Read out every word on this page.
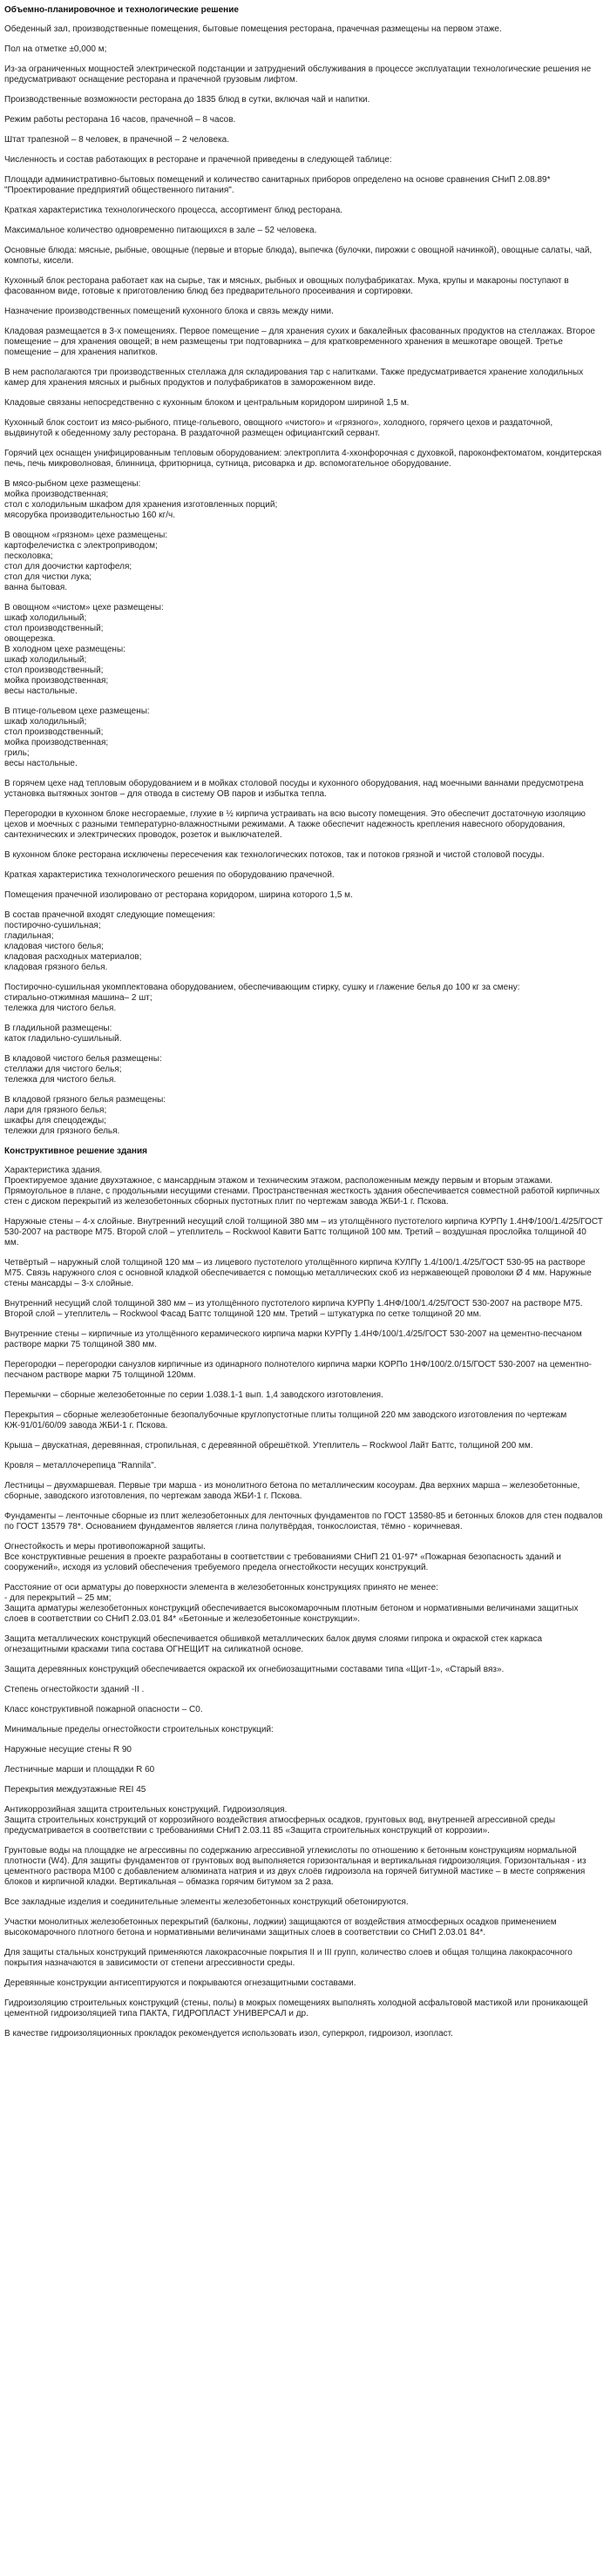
Объемно-планировочное и технологические решение
Обеденный зал, производственные помещения, бытовые помещения ресторана, прачечная размещены на первом этаже.
Пол на отметке ±0,000 м;
Из-за ограниченных мощностей электрической подстанции и затруднений обслуживания в процессе эксплуатации технологические решения не предусматривают оснащение ресторана и прачечной грузовым лифтом.
Производственные возможности ресторана до 1835 блюд в сутки, включая чай и напитки.
Режим работы ресторана 16 часов, прачечной – 8 часов.
Штат трапезной – 8 человек, в прачечной – 2 человека.
Численность и состав работающих в ресторане и прачечной приведены в следующей таблице:
Площади административно-бытовых помещений и количество санитарных приборов определено на основе сравнения СНиП 2.08.89* "Проектирование предприятий общественного питания".
Краткая характеристика технологического процесса, ассортимент блюд ресторана.
Максимальное количество одновременно питающихся в зале – 52 человека.
Основные блюда: мясные, рыбные, овощные (первые и вторые блюда), выпечка (булочки, пирожки с овощной начинкой), овощные салаты, чай, компоты, кисели.
Кухонный блок ресторана работает как на сырье, так и мясных, рыбных и овощных полуфабрикатах. Мука, крупы и макароны поступают в фасованном виде, готовые к приготовлению блюд без предварительного просеивания и сортировки.
Назначение производственных помещений кухонного блока и связь между ними.
Кладовая размещается в 3-х помещениях. Первое помещение – для хранения сухих и бакалейных фасованных продуктов на стеллажах. Второе помещение – для хранения овощей; в нем размещены три подтоварника – для кратковременного хранения в мешкотаре овощей. Третье помещение – для хранения напитков.
В нем располагаются три производственных стеллажа для складирования тар с напитками. Также предусматривается хранение холодильных камер для хранения мясных и рыбных продуктов и полуфабрикатов в замороженном виде.
Кладовые связаны непосредственно с кухонным блоком и центральным коридором шириной 1,5 м.
Кухонный блок состоит из мясо-рыбного, птице-гольевого, овощного «чистого» и «грязного», холодного, горячего цехов и раздаточной, выдвинутой к обеденному залу ресторана. В раздаточной размещен официантский сервант.
Горячий цех оснащен унифицированным тепловым оборудованием: электроплита 4-хконфорочная с духовкой, пароконфектоматом, кондитерская печь, печь микроволновая, блинница, фритюрница, сутница, рисоварка и др. вспомогательное оборудование.
В мясо-рыбном цехе размещены:
мойка производственная;
стол с холодильным шкафом для хранения изготовленных порций;
мясорубка производительностью 160 кг/ч.
В овощном «грязном» цехе размещены:
картофелечистка с электроприводом;
песколовка;
стол для доочистки картофеля;
стол для чистки лука;
ванна бытовая.
В овощном «чистом» цехе размещены:
шкаф холодильный;
стол производственный;
овощерезка.
В холодном цехе размещены:
шкаф холодильный;
стол производственный;
мойка производственная;
весы настольные.
В птице-гольевом цехе размещены:
шкаф холодильный;
стол производственный;
мойка производственная;
гриль;
весы настольные.
В горячем цехе над тепловым оборудованием и в мойках столовой посуды и кухонного оборудования, над моечными ваннами предусмотрена установка вытяжных зонтов – для отвода в систему ОВ паров и избытка тепла.
Перегородки в кухонном блоке несгораемые, глухие в ½ кирпича устраивать на всю высоту помещения. Это обеспечит достаточную изоляцию цехов и моечных с разными температурно-влажностными режимами. А также обеспечит надежность крепления навесного оборудования, сантехнических и электрических проводок, розеток и выключателей.
В кухонном блоке ресторана исключены пересечения как технологических потоков, так и потоков грязной и чистой столовой посуды.
Краткая характеристика технологического решения по оборудованию прачечной.
Помещения прачечной изолировано от ресторана коридором, ширина которого 1,5 м.
В состав прачечной входят следующие помещения:
постирочно-сушильная;
гладильная;
кладовая чистого белья;
кладовая расходных материалов;
кладовая грязного белья.
Постирочно-сушильная укомплектована оборудованием, обеспечивающим стирку, сушку и глажение белья до 100 кг за смену:
стирально-отжимная машина– 2 шт;
тележка для чистого белья.
В гладильной размещены:
каток гладильно-сушильный.
В кладовой чистого белья размещены:
стеллажи для чистого белья;
тележка для чистого белья.
В кладовой грязного белья размещены:
лари для грязного белья;
шкафы для спецодежды;
тележки для грязного белья.
Конструктивное решение здания
Характеристика здания.
Проектируемое здание двухэтажное, с мансардным этажом и техническим этажом, расположенным между первым и вторым этажами. Прямоугольное в плане, с продольными несущими стенами. Пространственная жесткость здания обеспечивается совместной работой кирпичных стен с диском перекрытий из железобетонных сборных пустотных плит по чертежам завода ЖБИ-1 г. Пскова.
Наружные стены – 4-х слойные. Внутренний несущий слой толщиной 380 мм – из утолщённого пустотелого кирпича КУРПу 1.4НФ/100/1.4/25/ГОСТ 530-2007 на растворе М75. Второй слой – утеплитель – Rockwool Кавити Баттс толщиной 100 мм. Третий – воздушная прослойка толщиной 40 мм.
Четвёртый – наружный слой толщиной 120 мм – из лицевого пустотелого утолщённого кирпича КУЛПу 1.4/100/1.4/25/ГОСТ 530-95 на растворе М75. Связь наружного слоя с основной кладкой обеспечивается с помощью металлических скоб из нержавеющей проволоки Ø 4 мм. Наружные стены мансарды – 3-х слойные.
Внутренний несущий слой толщиной 380 мм – из утолщённого пустотелого кирпича КУРПу 1.4НФ/100/1.4/25/ГОСТ 530-2007 на растворе М75. Второй слой – утеплитель – Rockwool Фасад Баттс толщиной 120 мм. Третий – штукатурка по сетке толщиной 20 мм.
Внутренние стены – кирпичные из утолщённого керамического кирпича марки КУРПу 1.4НФ/100/1.4/25/ГОСТ 530-2007 на цементно-песчаном растворе марки 75 толщиной 380 мм.
Перегородки – перегородки санузлов кирпичные из одинарного полнотелого кирпича марки КОРПо 1НФ/100/2.0/15/ГОСТ 530-2007 на цементно-песчаном растворе марки 75 толщиной 120мм.
Перемычки – сборные железобетонные по серии 1.038.1-1 вып. 1,4 заводского изготовления.
Перекрытия – сборные железобетонные безопалубочные круглопустотные плиты толщиной 220 мм заводского изготовления по чертежам КЖ-91/01/60/09 завода ЖБИ-1 г. Пскова.
Крыша – двускатная, деревянная, стропильная, с деревянной обрешёткой. Утеплитель – Rockwool Лайт Баттс, толщиной 200 мм.
Кровля – металлочерепица "Rannila".
Лестницы – двухмаршевая. Первые три марша - из монолитного бетона по металлическим косоурам. Два верхних марша – железобетонные, сборные, заводского изготовления, по чертежам завода ЖБИ-1 г. Пскова.
Фундаменты – ленточные сборные из плит железобетонных для ленточных фундаментов по ГОСТ 13580-85 и бетонных блоков для стен подвалов по ГОСТ 13579 78*. Основанием фундаментов является глина полутвёрдая, тонкослоистая, тёмно - коричневая.
Огнестойкость и меры противопожарной защиты.
Все конструктивные решения в проекте разработаны в соответствии с требованиями СНиП 21 01-97* «Пожарная безопасность зданий и сооружений», исходя из условий обеспечения требуемого предела огнестойкости несущих конструкций.
Расстояние от оси арматуры до поверхности элемента в железобетонных конструкциях принято не менее:
- для перекрытий – 25 мм;
Защита арматуры железобетонных конструкций обеспечивается высокомарочным плотным бетоном и нормативными величинами защитных слоев в соответствии со СНиП 2.03.01 84* «Бетонные и железобетонные конструкции».
Защита металлических конструкций обеспечивается обшивкой металлических балок двумя слоями гипрока и окраской стек каркаса огнезащитными красками типа состава ОГНЕЩИТ на силикатной основе.
Защита деревянных конструкций обеспечивается окраской их огнебиозащитными составами типа «Щит-1», «Старый вяз».
Степень огнестойкости зданий -II .
Класс конструктивной пожарной опасности – С0.
Минимальные пределы огнестойкости строительных конструкций:
Наружные несущие стены R 90
Лестничные марши и площадки R 60
Перекрытия междуэтажные REI 45
Антикоррозийная защита строительных конструкций. Гидроизоляция.
Защита строительных конструкций от коррозийного воздействия атмосферных осадков, грунтовых вод, внутренней агрессивной среды предусматривается в соответствии с требованиями СНиП 2.03.11 85 «Защита строительных конструкций от коррозии».
Грунтовые воды на площадке не агрессивны по содержанию агрессивной углекислоты по отношению к бетонным конструкциям нормальной плотности (W4). Для защиты фундаментов от грунтовых вод выполняется горизонтальная и вертикальная гидроизоляция. Горизонтальная - из цементного раствора М100 с добавлением алюмината натрия и из двух слоёв гидроизола на горячей битумной мастике – в месте сопряжения блоков и кирпичной кладки. Вертикальная – обмазка горячим битумом за 2 раза.
Все закладные изделия и соединительные элементы железобетонных конструкций обетонируются.
Участки монолитных железобетонных перекрытий (балконы, лоджии) защищаются от воздействия атмосферных осадков применением высокомарочного плотного бетона и нормативными величинами защитных слоев в соответствии со СНиП 2.03.01 84*.
Для защиты стальных конструкций применяются лакокрасочные покрытия II и III групп, количество слоев и общая толщина лакокрасочного покрытия назначаются в зависимости от степени агрессивности среды.
Деревянные конструкции антисептируются и покрываются огнезащитными составами.
Гидроизоляцию строительных конструкций (стены, полы) в мокрых помещениях выполнять холодной асфальтовой мастикой или проникающей цементной гидроизоляцией типа ПАКТА, ГИДРОПЛАСТ УНИВЕРСАЛ и др.
В качестве гидроизоляционных прокладок рекомендуется использовать изол, суперкрол, гидроизол, изопласт.
